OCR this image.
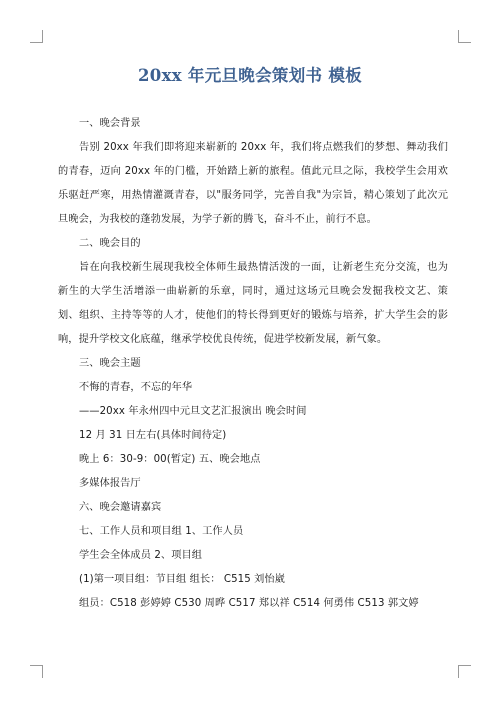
20xx 年元旦晚会策划书 模板
一、晚会背景

告别 20xx 年我们即将迎来崭新的 20xx 年，我们将点燃我们的梦想、舞动我们的青春，迈向 20xx 年的门槛，开始踏上新的旅程。值此元旦之际，我校学生会用欢乐驱赶严寒，用热情灌溉青春，以"服务同学，完善自我"为宗旨，精心策划了此次元旦晚会，为我校的蓬勃发展，为学子新的腾飞，奋斗不止，前行不息。

二、晚会目的

旨在向我校新生展现我校全体师生最热情活泼的一面，让新老生充分交流，也为新生的大学生活增添一曲崭新的乐章，同时，通过这场元旦晚会发掘我校文艺、策划、组织、主持等等的人才，使他们的特长得到更好的锻炼与培养，扩大学生会的影响，提升学校文化底蕴，继承学校优良传统，促进学校新发展，新气象。

三、晚会主题
不悔的青春，不忘的年华
——20xx 年永州四中元旦文艺汇报演出 晚会时间
12 月 31 日左右(具体时间待定)
晚上 6：30-9：00(暂定) 五、晚会地点
多媒体报告厅
六、晚会邀请嘉宾
七、工作人员和项目组 1、工作人员
学生会全体成员 2、项目组
(1)第一项目组：节目组 组长： C515 刘怡崴
组员：C518 彭婷婷 C530 周晔 C517 郑以祥 C514 何勇伟 C513 郭文婷
